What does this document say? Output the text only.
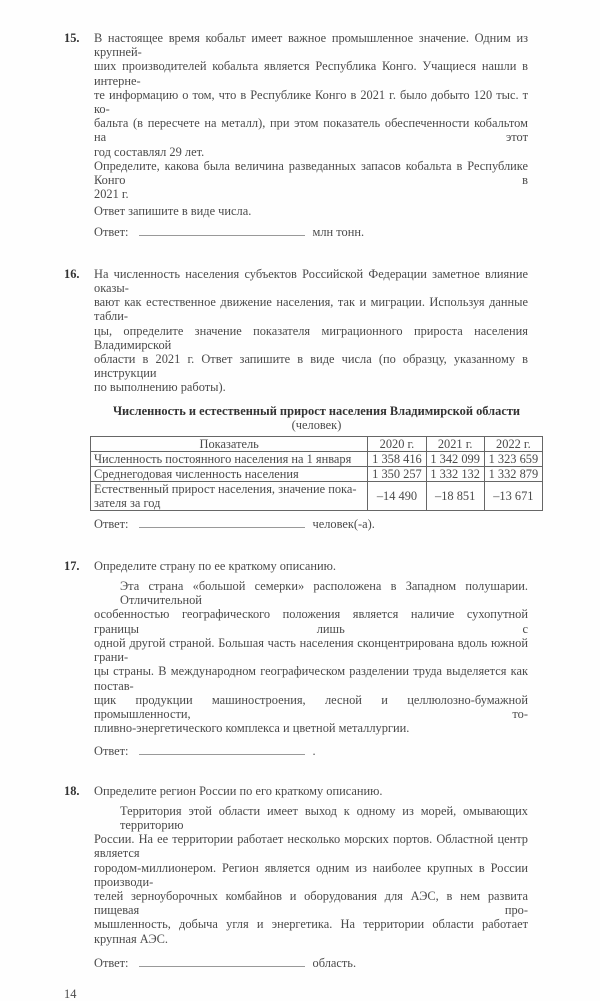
15. В настоящее время кобальт имеет важное промышленное значение. Одним из крупней-
ших производителей кобальта является Республика Конго. Учащиеся нашли в интерне-
те информацию о том, что в Республике Конго в 2021 г. было добыто 120 тыс. т ко-
бальта (в пересчете на металл), при этом показатель обеспеченности кобальтом на этот
год составлял 29 лет.
Определите, какова была величина разведанных запасов кобальта в Республике Конго в
2021 г.
Ответ запишите в виде числа.
Ответ:	млн тонн.
16. На численность населения субъектов Российской Федерации заметное влияние оказы-
вают как естественное движение населения, так и миграции. Используя данные табли-
цы, определите значение показателя миграционного прироста населения Владимирской
области в 2021 г. Ответ запишите в виде числа (по образцу, указанному в инструкции
по выполнению работы).
Численность и естественный прирост населения Владимирской области
(человек)
Показатель	2020 г.	2021 г.	2022 г.
Численность постоянного населения на 1 января	1 358 416	1 342 099	1 323 659
Среднегодовая численность населения	1 350 257	1 332 132	1 332 879

Естественный прирост населения, значение пока-
зателя за год	–14 490	–18 851	–13 671
Ответ:	человек(-а).
17. Определите страну по ее краткому описанию.
Эта страна «большой семерки» расположена в Западном полушарии. Отличительной
особенностью географического положения является наличие сухопутной границы лишь с
одной другой страной. Большая часть населения сконцентрирована вдоль южной грани-
цы страны. В международном географическом разделении труда выделяется как постав-
щик продукции машиностроения, лесной и целлюлозно-бумажной промышленности, то-
пливно-энергетического комплекса и цветной металлургии.
Ответ:	.
18. Определите регион России по его краткому описанию.
Территория этой области имеет выход к одному из морей, омывающих территорию
России. На ее территории работает несколько морских портов. Областной центр является
городом-миллионером. Регион является одним из наиболее крупных в России производи-
телей зерноуборочных комбайнов и оборудования для АЭС, в нем развита пищевая про-
мышленность, добыча угля и энергетика. На территории области работает крупная АЭС.
Ответ:	область.
14
